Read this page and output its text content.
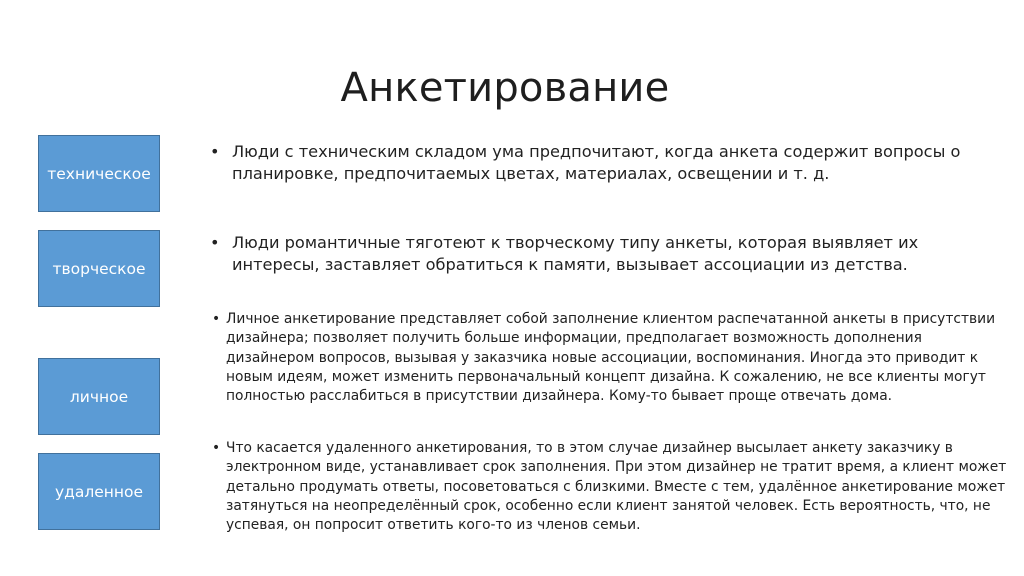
Анкетирование
техническое
творческое
личное
удаленное
• Люди с техническим складом ума предпочитают, когда анкета содержит вопросы о планировке, предпочитаемых цветах, материалах, освещении и т. д.
• Люди романтичные тяготеют к творческому типу анкеты, которая выявляет их интересы, заставляет обратиться к памяти, вызывает ассоциации из детства.
• Личное анкетирование представляет собой заполнение клиентом распечатанной анкеты в присутствии дизайнера; позволяет получить больше информации, предполагает возможность дополнения дизайнером вопросов, вызывая у заказчика новые ассоциации, воспоминания. Иногда это приводит к новым идеям, может изменить первоначальный концепт дизайна. К сожалению, не все клиенты могут полностью расслабиться в присутствии дизайнера. Кому-то бывает проще отвечать дома.
• Что касается удаленного анкетирования, то в этом случае дизайнер высылает анкету заказчику в электронном виде, устанавливает срок заполнения. При этом дизайнер не тратит время, а клиент может детально продумать ответы, посоветоваться с близкими. Вместе с тем, удалённое анкетирование может затянуться на неопределённый срок, особенно если клиент занятой человек. Есть вероятность, что, не успевая, он попросит ответить кого-то из членов семьи.
